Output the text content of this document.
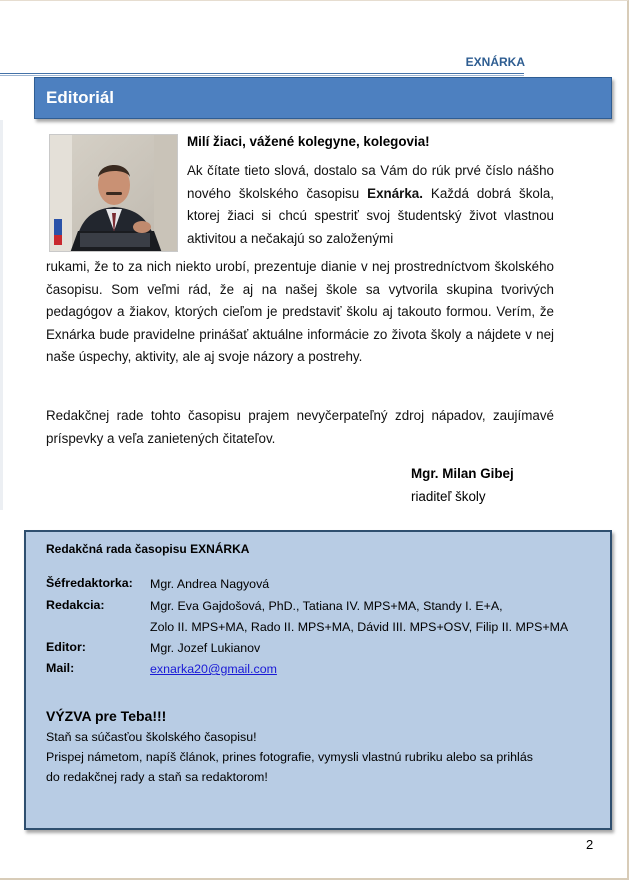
EXNÁRKA
Editoriál
Milí žiaci, vážené kolegyne, kolegovia!
Ak čítate tieto slová, dostalo sa Vám do rúk prvé číslo nášho nového školského časopisu Exnárka. Každá dobrá škola, ktorej žiaci si chcú spestriť svoj študentský život vlastnou aktivitou a nečakajú so založenými
rukami, že to za nich niekto urobí, prezentuje dianie v nej prostredníctvom školského časopisu. Som veľmi rád, že aj na našej škole sa vytvorila skupina tvorivých pedagógov a žiakov, ktorých cieľom je predstaviť školu aj takouto formou. Verím, že Exnárka bude pravidelne prinášať aktuálne informácie zo života školy a nájdete v nej naše úspechy, aktivity, ale aj svoje názory a postrehy.
Redakčnej rade tohto časopisu prajem nevyčerpateľný zdroj nápadov, zaujímavé príspevky a veľa zanietených čitateľov.
Mgr. Milan Gibej
riaditeľ školy
Redakčná rada časopisu EXNÁRKA
Šéfredaktorka: Mgr. Andrea Nagyová
Redakcia:	Mgr. Eva Gajdošová, PhD., Tatiana IV. MPS+MA, Standy I. E+A,
Zolo II. MPS+MA, Rado II. MPS+MA, Dávid III. MPS+OSV, Filip II. MPS+MA
Editor:	Mgr. Jozef Lukianov
Mail:	exnarka20@gmail.com
VÝZVA pre Teba!!!
Staň sa súčasťou školského časopisu!
Prispej námetom, napíš článok, prines fotografie, vymysli vlastnú rubriku alebo sa prihlás
do redakčnej rady a staň sa redaktorom!
2
